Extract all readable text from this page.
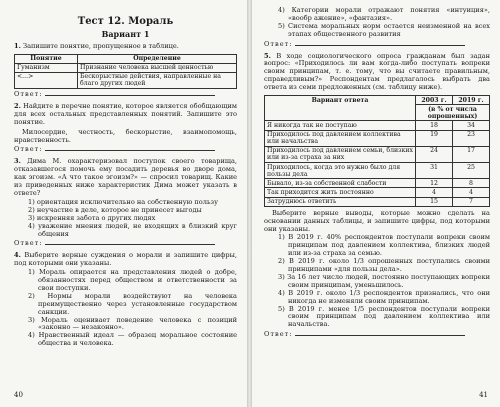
Тест 12. Мораль
Вариант 1

1. Запишите понятие, пропущенное в таблице.

Понятие	Определение
Гуманизм	Признание человека высшей ценностью
<...>	Бескорыстные действия, направленные на благо других людей
Ответ:

2. Найдите в перечне понятие, которое является обобщающим для всех остальных представленных понятий. Запишите это понятие.

Милосердие, честность, бескорыстие, взаимопомощь, нравственность.

Ответ:

3. Дима М. охарактеризовал поступок своего товарища, отказавшегося помочь ему посадить деревья во дворе дома, как эгоизм. «А что такое эгоизм?» — спросил товарищ. Какие из приведенных ниже характеристик Дима может указать в ответе?

1) ориентация исключительно на собственную пользу
2) неучастие в деле, которое не принесет выгоды
3) искренняя забота о других людях
4) уважение мнения людей, не входящих в близкий круг общения
Ответ:

4. Выберите верные суждения о морали и запишите цифры, под которыми они указаны.

1) Мораль опирается на представления людей о добре, обязанностях перед обществом и ответственности за свои поступки.
2) Нормы морали воздействуют на человека преимущественно через установленные государством санкции.
3) Мораль оценивает поведение человека с позиций «законно — незаконно».
4) Нравственный идеал — образец моральное состояние общества и человека.
40
4) Категории морали отражают понятия «интуиция», «вообр ажение», «фантазия».
5) Система моральных норм остается неизменной на всех этапах общественного развития
Ответ:

5. В ходе социологического опроса гражданам был задан вопрос: «Приходилось ли вам когда-либо поступать вопреки своим принципам, т. е. тому, что вы считаете правильным, справедливым?» Респондентам предлагалось выбрать два ответа из семи предложенных (см. таблицу ниже).

Вариант ответа	2003 г.	2019 г.
	(в % от числа опрошенных)	
Я никогда так не поступаю	18	34
Приходилось под давлением коллектива или начальства	19	23
Приходилось под давлением семьи, близких или из-за страха за них	24	17
Приходилось, когда это нужно было для пользы дела	31	25
Бывало, из-за собственной слабости	12	8
Так приходится жить постоянно	4	4
Затруднюсь ответить	15	7

Выберите верные выводы, которые можно сделать на основании данных таблицы, и запишите цифры, под которыми они указаны.

1) В 2019 г. 40% респондентов поступали вопреки своим принципам под давлением коллектива, близких людей или из-за страха за семью.
2) В 2019 г. около 1/3 опрошенных поступались своими принципами «для пользы дела».
3) За 16 лет число людей, постоянно поступающих вопреки своим принципам, уменьшилось.
4) В 2019 г. около 1/3 респондентов признались, что они никогда не изменяли своим принципам.
5) В 2019 г. менее 1/5 респондентов поступали вопреки своим принципам под давлением коллектива или начальства.
Ответ:
41
